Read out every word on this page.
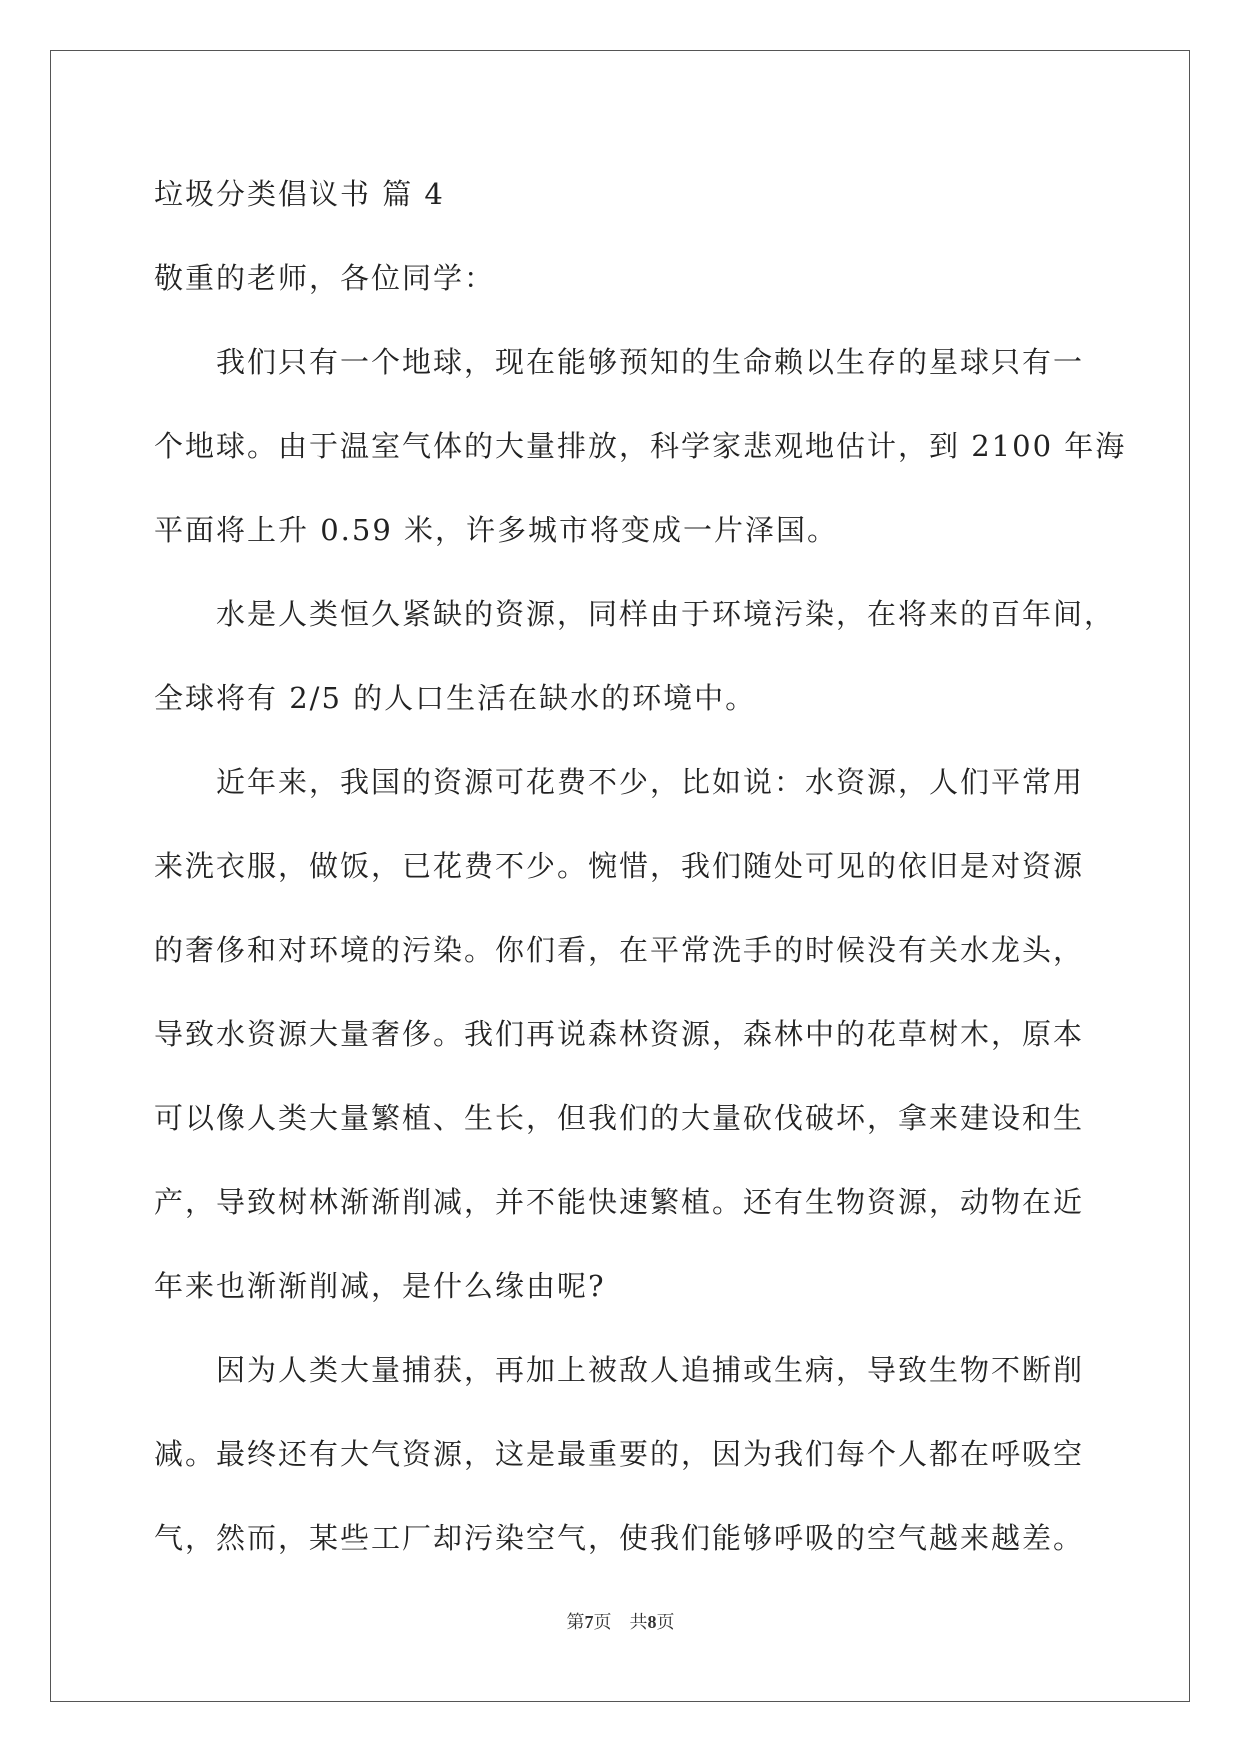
垃圾分类倡议书 篇 4
敬重的老师，各位同学：
我们只有一个地球，现在能够预知的生命赖以生存的星球只有一
个地球。由于温室气体的大量排放，科学家悲观地估计，到 2100 年海
平面将上升 0.59 米，许多城市将变成一片泽国。
水是人类恒久紧缺的资源，同样由于环境污染，在将来的百年间，
全球将有 2/5 的人口生活在缺水的环境中。
近年来，我国的资源可花费不少，比如说：水资源，人们平常用
来洗衣服，做饭，已花费不少。惋惜，我们随处可见的依旧是对资源
的奢侈和对环境的污染。你们看，在平常洗手的时候没有关水龙头，
导致水资源大量奢侈。我们再说森林资源，森林中的花草树木，原本
可以像人类大量繁植、生长，但我们的大量砍伐破坏，拿来建设和生
产，导致树林渐渐削减，并不能快速繁植。还有生物资源，动物在近
年来也渐渐削减，是什么缘由呢?
因为人类大量捕获，再加上被敌人追捕或生病，导致生物不断削
减。最终还有大气资源，这是最重要的，因为我们每个人都在呼吸空
气，然而，某些工厂却污染空气，使我们能够呼吸的空气越来越差。
第7页 共8页
